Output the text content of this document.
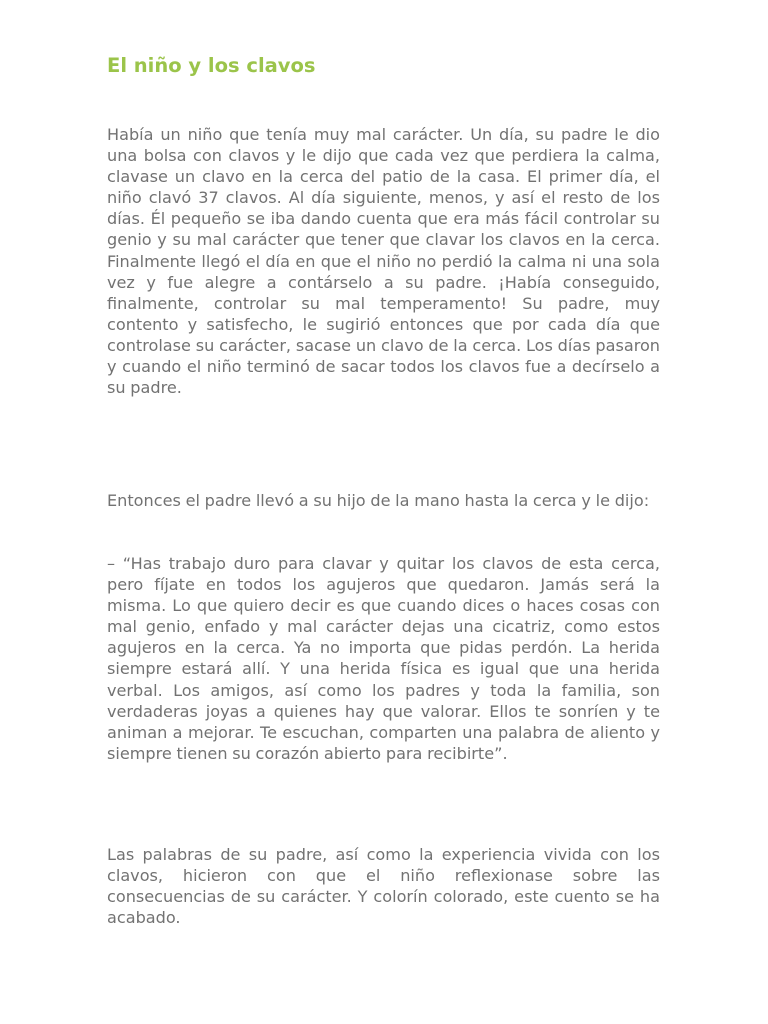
El niño y los clavos

Había un niño que tenía muy mal carácter. Un día, su padre le dio una bolsa con clavos y le dijo que cada vez que perdiera la calma, clavase un clavo en la cerca del patio de la casa. El primer día, el niño clavó 37 clavos. Al día siguiente, menos, y así el resto de los días. Él pequeño se iba dando cuenta que era más fácil controlar su genio y su mal carácter que tener que clavar los clavos en la cerca. Finalmente llegó el día en que el niño no perdió la calma ni una sola vez y fue alegre a contárselo a su padre. ¡Había conseguido, finalmente, controlar su mal temperamento! Su padre, muy contento y satisfecho, le sugirió entonces que por cada día que controlase su carácter, sacase un clavo de la cerca. Los días pasaron y cuando el niño terminó de sacar todos los clavos fue a decírselo a su padre.

Entonces el padre llevó a su hijo de la mano hasta la cerca y le dijo:

– “Has trabajo duro para clavar y quitar los clavos de esta cerca, pero fíjate en todos los agujeros que quedaron. Jamás será la misma. Lo que quiero decir es que cuando dices o haces cosas con mal genio, enfado y mal carácter dejas una cicatriz, como estos agujeros en la cerca. Ya no importa que pidas perdón. La herida siempre estará allí. Y una herida física es igual que una herida verbal. Los amigos, así como los padres y toda la familia, son verdaderas joyas a quienes hay que valorar. Ellos te sonríen y te animan a mejorar. Te escuchan, comparten una palabra de aliento y siempre tienen su corazón abierto para recibirte”.

Las palabras de su padre, así como la experiencia vivida con los clavos, hicieron con que el niño reflexionase sobre las consecuencias de su carácter. Y colorín colorado, este cuento se ha acabado.
